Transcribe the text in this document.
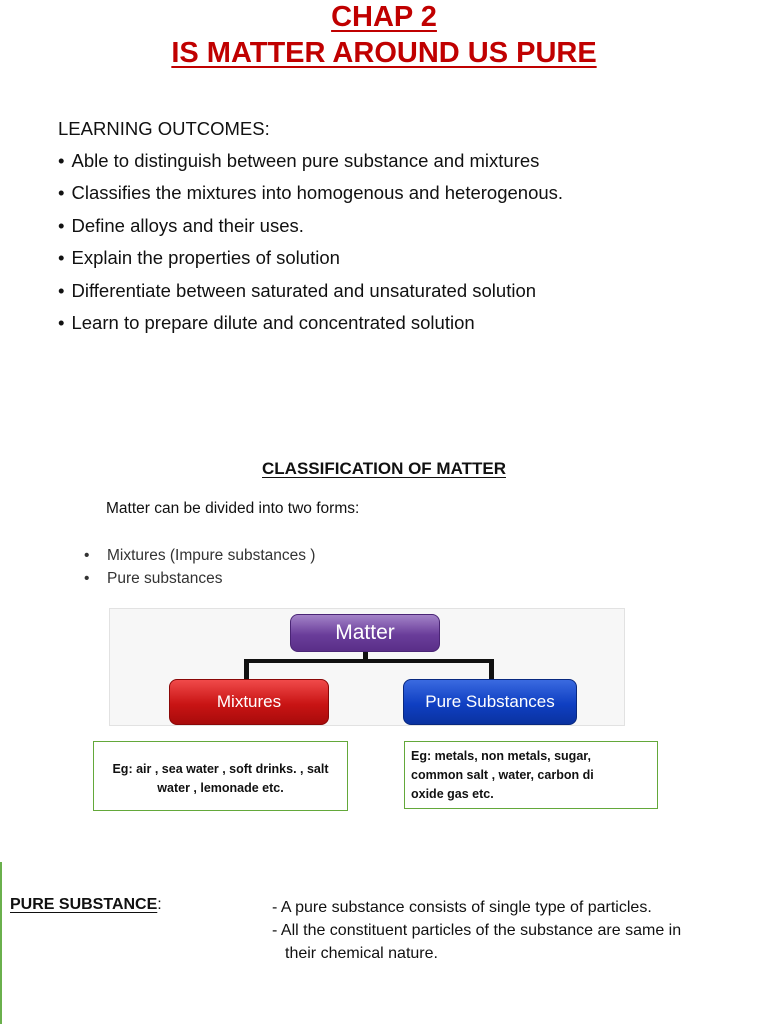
CHAP 2
IS MATTER AROUND US PURE
LEARNING OUTCOMES:
• Able to distinguish between pure substance and mixtures
• Classifies the mixtures into homogenous and heterogenous.
• Define alloys and their uses.
• Explain the properties of solution
• Differentiate between saturated and unsaturated solution
• Learn to prepare dilute and concentrated solution
CLASSIFICATION OF MATTER
Matter can be divided into two forms:
• Mixtures (Impure substances )
• Pure substances
Matter
Mixtures	Pure Substances
Eg: air , sea water , soft drinks. , salt
water , lemonade etc.
Eg: metals, non metals, sugar,
common salt , water, carbon di
oxide gas etc.
PURE SUBSTANCE:	- A pure substance consists of single type of particles.
- All the constituent particles of the substance are same in
their chemical nature.
